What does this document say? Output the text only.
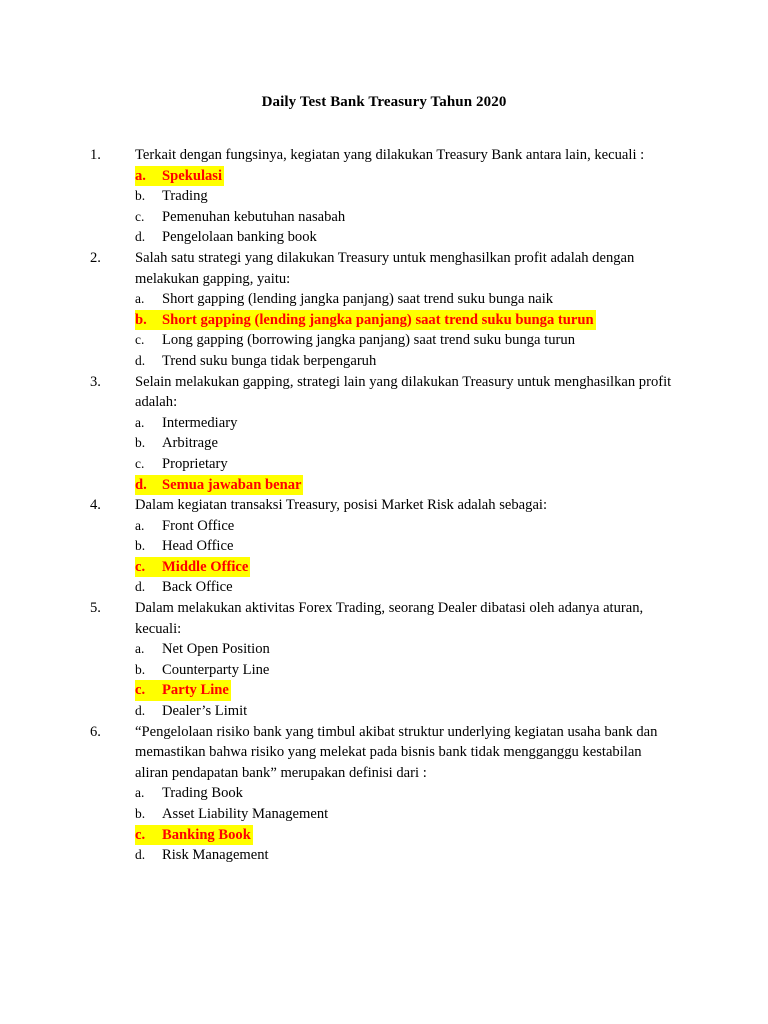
Daily Test Bank Treasury Tahun 2020
1. Terkait dengan fungsinya, kegiatan yang dilakukan Treasury Bank antara lain, kecuali :
a. Spekulasi
b. Trading
c. Pemenuhan kebutuhan nasabah
d. Pengelolaan banking book
2. Salah satu strategi yang dilakukan Treasury untuk menghasilkan profit adalah dengan melakukan gapping, yaitu:
a. Short gapping (lending jangka panjang) saat trend suku bunga naik
b. Short gapping (lending jangka panjang) saat trend suku bunga turun
c. Long gapping (borrowing jangka panjang) saat trend suku bunga turun
d. Trend suku bunga tidak berpengaruh
3. Selain melakukan gapping, strategi lain yang dilakukan Treasury untuk menghasilkan profit adalah:
a. Intermediary
b. Arbitrage
c. Proprietary
d. Semua jawaban benar
4. Dalam kegiatan transaksi Treasury, posisi Market Risk adalah sebagai:
a. Front Office
b. Head Office
c. Middle Office
d. Back Office
5. Dalam melakukan aktivitas Forex Trading, seorang Dealer dibatasi oleh adanya aturan, kecuali:
a. Net Open Position
b. Counterparty Line
c. Party Line
d. Dealer’s Limit
6. “Pengelolaan risiko bank yang timbul akibat struktur underlying kegiatan usaha bank dan memastikan bahwa risiko yang melekat pada bisnis bank tidak mengganggu kestabilan aliran pendapatan bank” merupakan definisi dari :
a. Trading Book
b. Asset Liability Management
c. Banking Book
d. Risk Management
